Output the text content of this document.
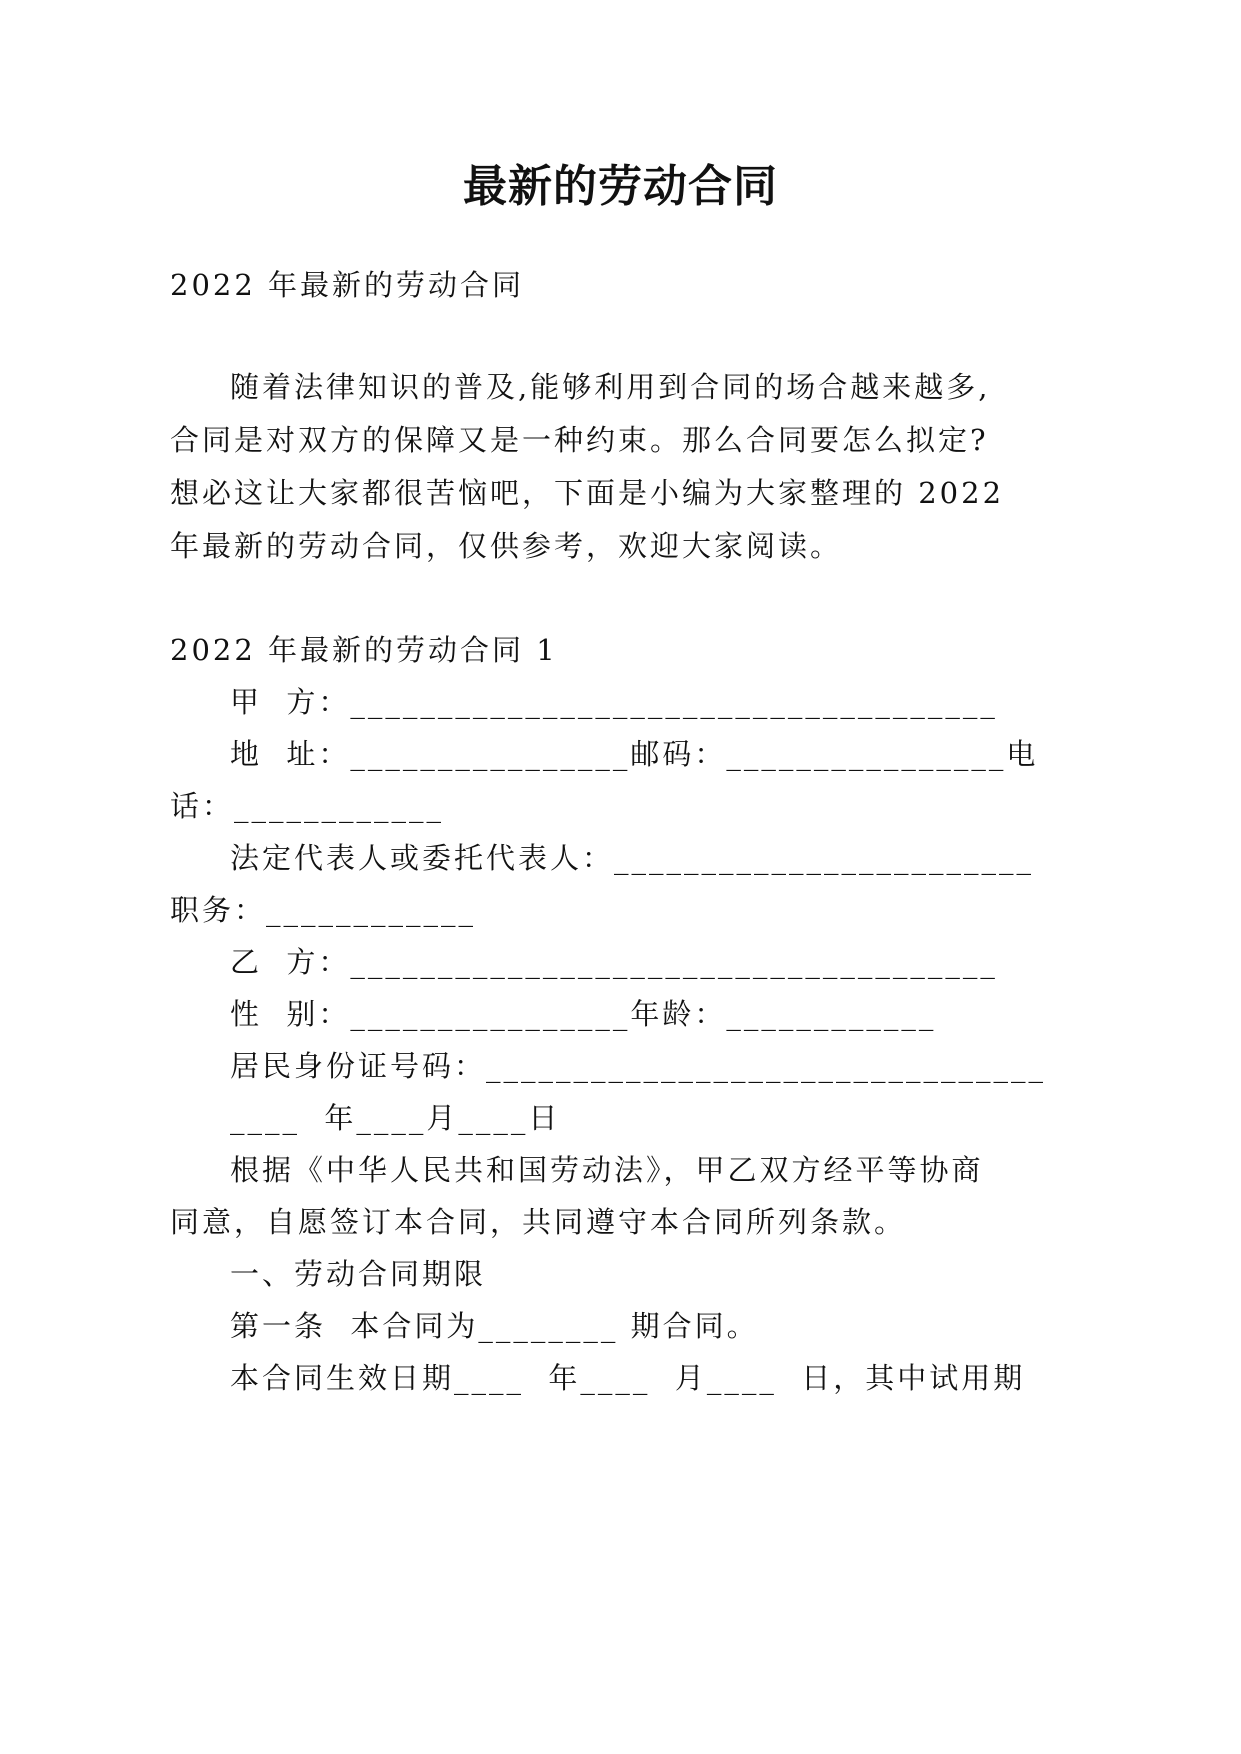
最新的劳动合同
2022 年最新的劳动合同
随着法律知识的普及,能够利用到合同的场合越来越多,
合同是对双方的保障又是一种约束。那么合同要怎么拟定?
想必这让大家都很苦恼吧，下面是小编为大家整理的 2022
年最新的劳动合同，仅供参考，欢迎大家阅读。
2022 年最新的劳动合同 1
甲  方：_____________________________________
地  址：________________邮码：________________电
话：____________
法定代表人或委托代表人：________________________
职务：____________
乙  方：_____________________________________
性  别：________________年龄：____________
居民身份证号码：________________________________
____  年____月____日
根据《中华人民共和国劳动法》，甲乙双方经平等协商
同意，自愿签订本合同，共同遵守本合同所列条款。
一、劳动合同期限
第一条  本合同为________ 期合同。
本合同生效日期____  年____  月____  日，其中试用期
